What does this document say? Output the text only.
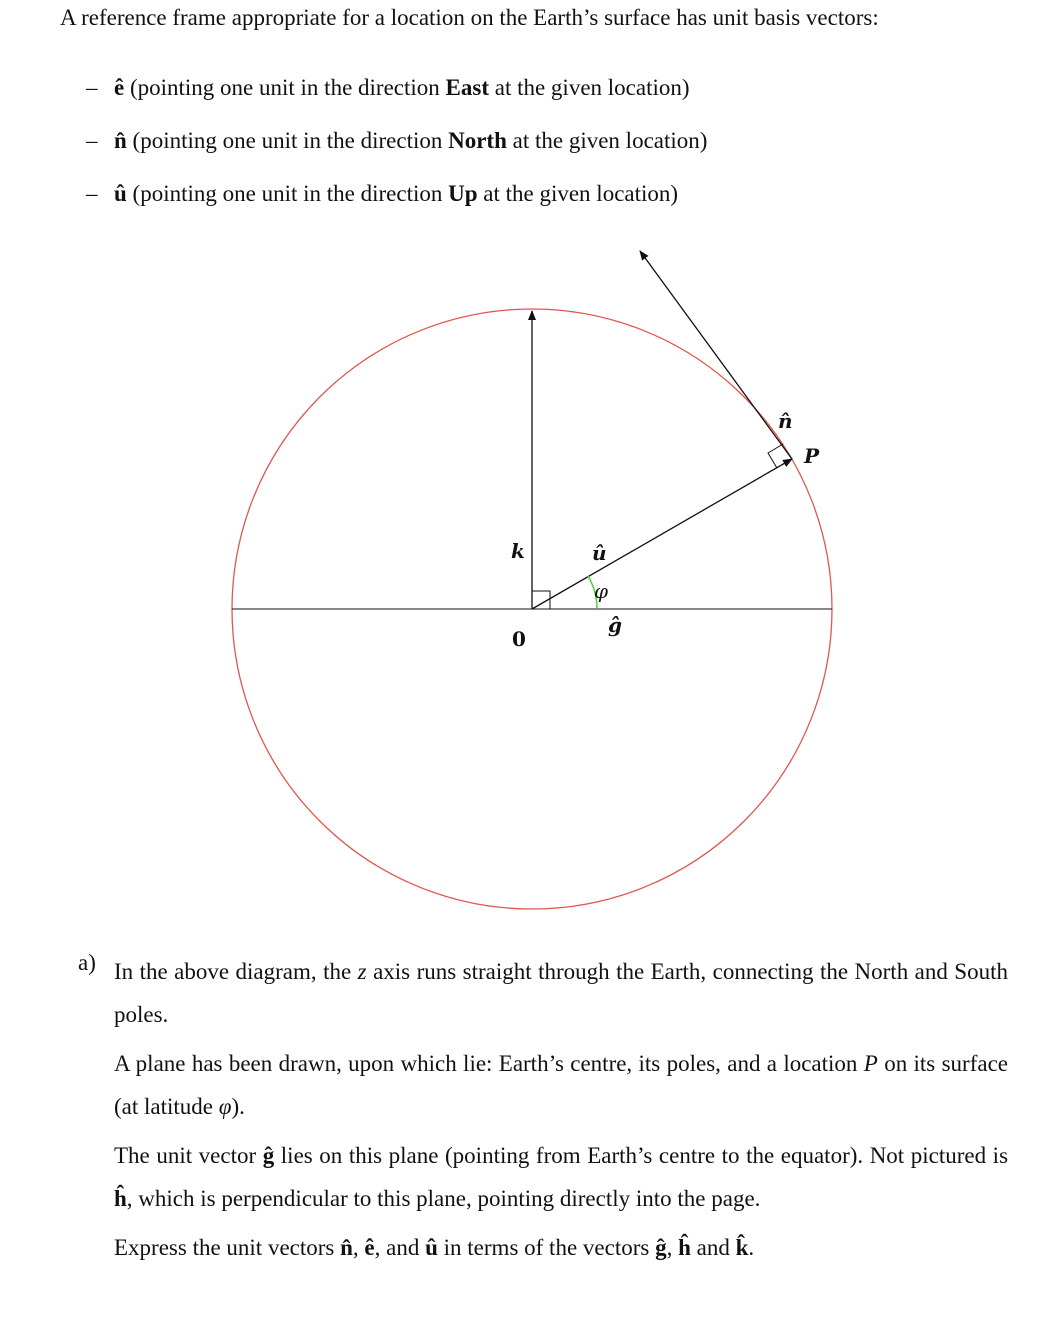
A reference frame appropriate for a location on the Earth’s surface has unit basis vectors:
– ê (pointing one unit in the direction East at the given location)
– n̂ (pointing one unit in the direction North at the given location)
– û (pointing one unit in the direction Up at the given location)
k	û
φ
ĝ
0
n̂
P
a) In the above diagram, the z axis runs straight through the Earth, connecting the North and South poles.

A plane has been drawn, upon which lie: Earth’s centre, its poles, and a location P on its surface (at latitude φ).

The unit vector ĝ lies on this plane (pointing from Earth’s centre to the equator). Not pictured is ĥ, which is perpendicular to this plane, pointing directly into the page.

Express the unit vectors n̂, ê, and û in terms of the vectors ĝ, ĥ and k̂.
